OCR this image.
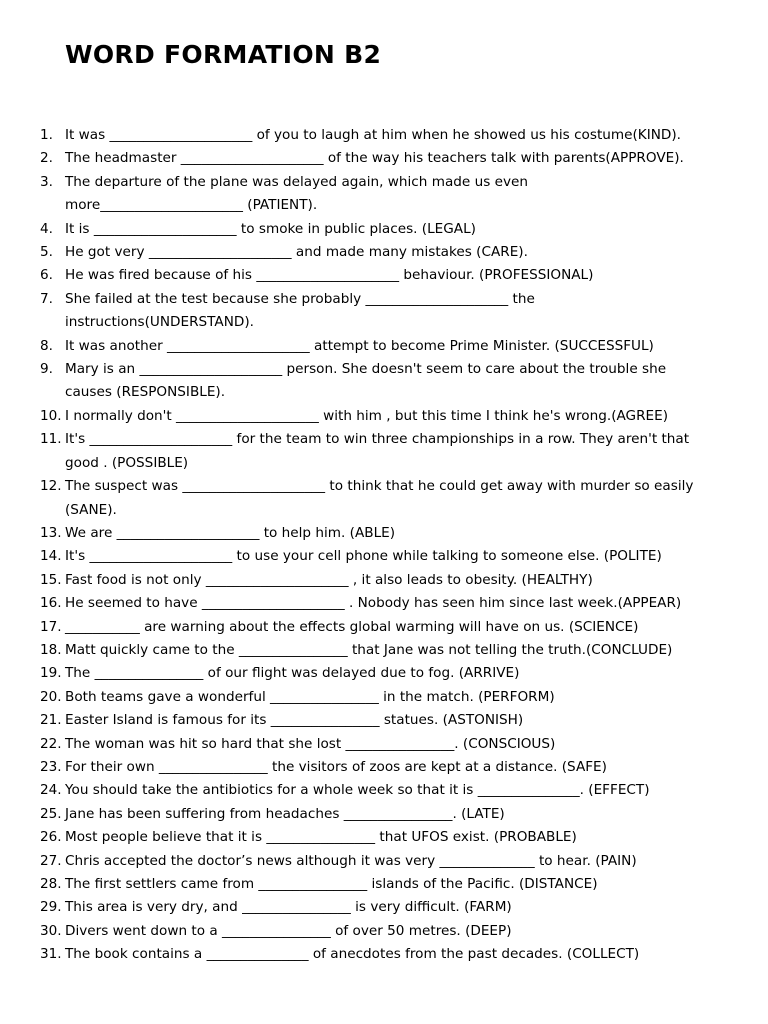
WORD FORMATION B2
1. It was _____________________ of you to laugh at him when he showed us his costume(KIND).
2. The headmaster _____________________ of the way his teachers talk with parents(APPROVE).
3. The departure of the plane was delayed again, which made us even
more_____________________ (PATIENT).
4. It is _____________________ to smoke in public places. (LEGAL)
5. He got very _____________________ and made many mistakes (CARE).
6. He was fired because of his _____________________ behaviour. (PROFESSIONAL)
7. She failed at the test because she probably _____________________ the
instructions(UNDERSTAND).
8. It was another _____________________ attempt to become Prime Minister. (SUCCESSFUL)
9. Mary is an _____________________ person. She doesn't seem to care about the trouble she
causes (RESPONSIBLE).
10. I normally don't _____________________ with him , but this time I think he's wrong.(AGREE)
11. It's _____________________ for the team to win three championships in a row. They aren't that
good . (POSSIBLE)
12. The suspect was _____________________ to think that he could get away with murder so easily
(SANE).
13. We are _____________________ to help him. (ABLE)
14. It's _____________________ to use your cell phone while talking to someone else. (POLITE)
15. Fast food is not only _____________________ , it also leads to obesity. (HEALTHY)
16. He seemed to have _____________________ . Nobody has seen him since last week.(APPEAR)
17. ___________ are warning about the effects global warming will have on us. (SCIENCE)
18. Matt quickly came to the ________________ that Jane was not telling the truth.(CONCLUDE)
19. The ________________ of our flight was delayed due to fog. (ARRIVE)
20. Both teams gave a wonderful ________________ in the match. (PERFORM)
21. Easter Island is famous for its ________________ statues. (ASTONISH)
22. The woman was hit so hard that she lost ________________. (CONSCIOUS)
23. For their own ________________ the visitors of zoos are kept at a distance. (SAFE)
24. You should take the antibiotics for a whole week so that it is _______________. (EFFECT)
25. Jane has been suffering from headaches ________________. (LATE)
26. Most people believe that it is ________________ that UFOS exist. (PROBABLE)
27. Chris accepted the doctor’s news although it was very ______________ to hear. (PAIN)
28. The first settlers came from ________________ islands of the Pacific. (DISTANCE)
29. This area is very dry, and ________________ is very difficult. (FARM)
30. Divers went down to a ________________ of over 50 metres. (DEEP)
31. The book contains a _______________ of anecdotes from the past decades. (COLLECT)
